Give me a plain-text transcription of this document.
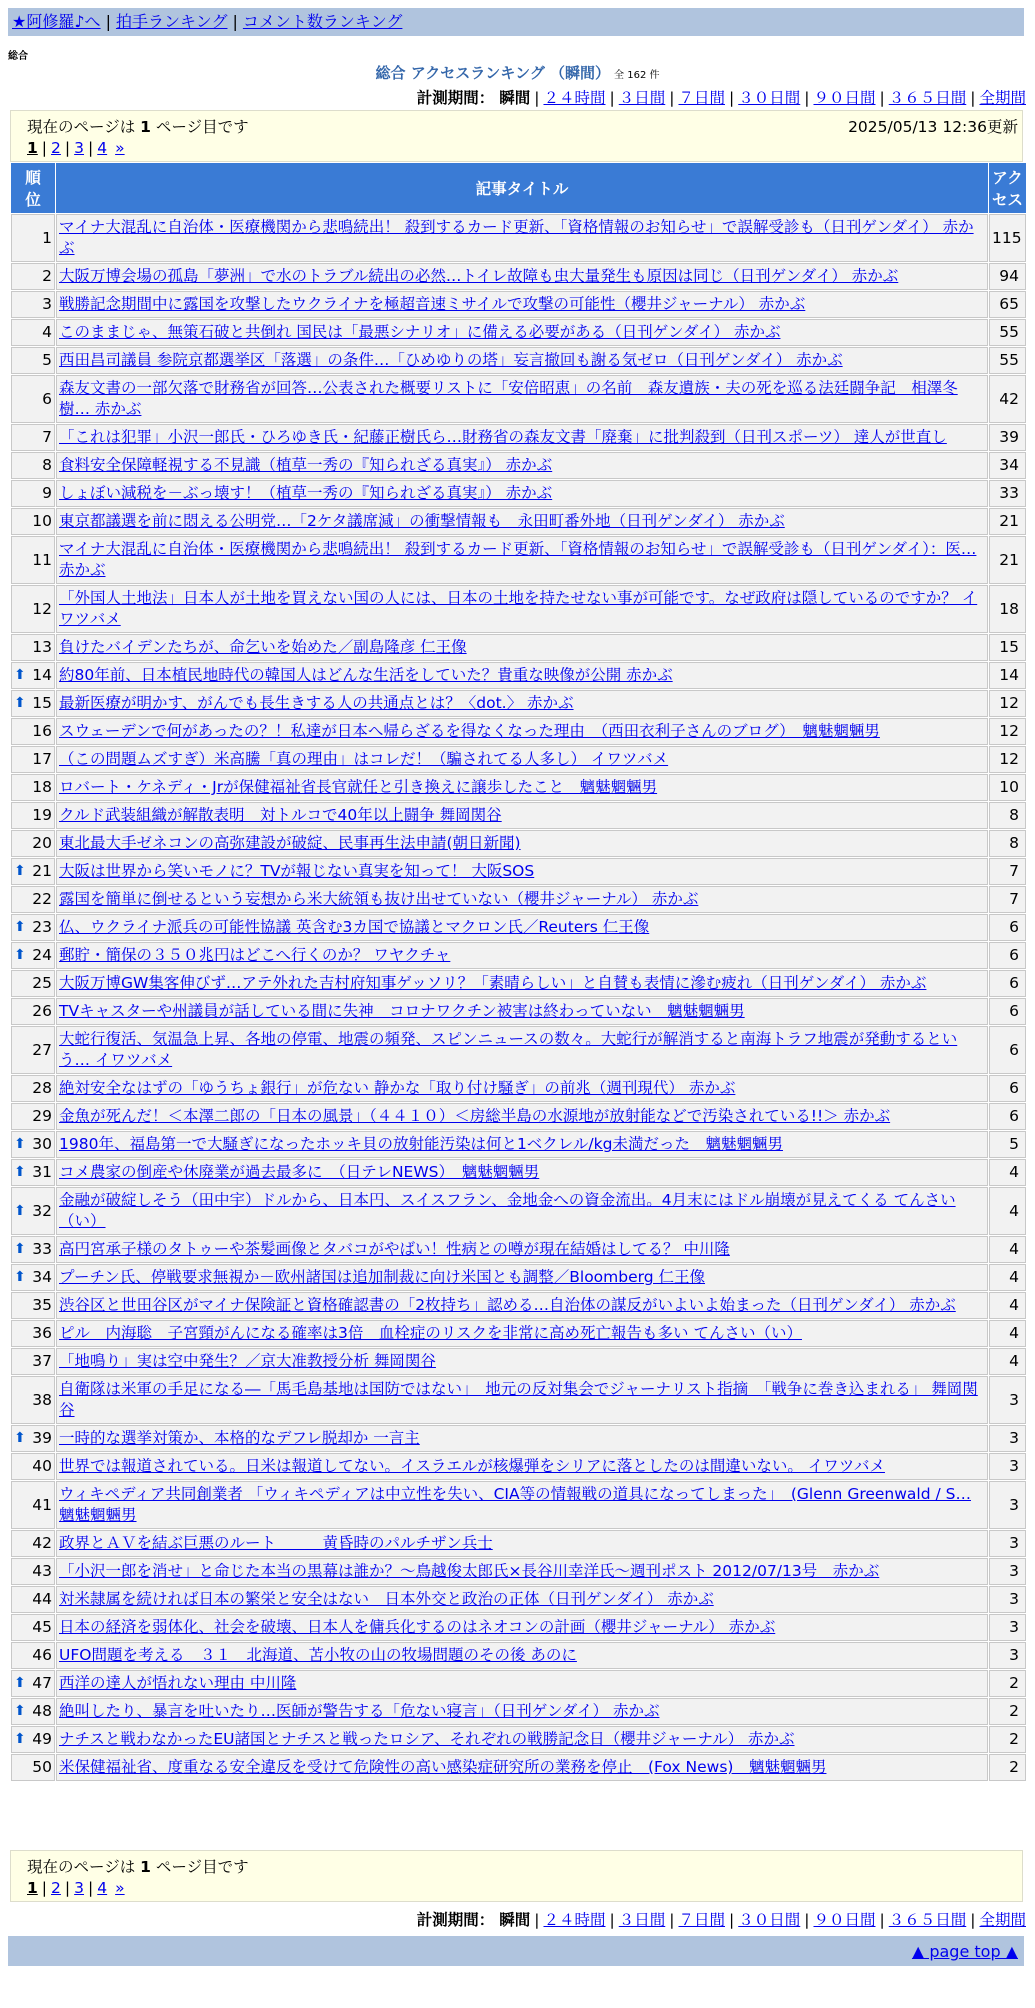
★阿修羅♪へ | 拍手ランキング | コメント数ランキング
総合
総合 アクセスランキング （瞬間） 全 162 件
計測期間： 瞬間 | ２４時間 | ３日間 | ７日間 | ３０日間 | ９０日間 | ３６５日間 | 全期間
現在のページは 1 ページ目です	2025/05/13 12:36更新
1 | 2 | 3 | 4 »
順
位	記事タイトル	アク
セス
1	マイナ大混乱に自治体・医療機関から悲鳴続出！ 殺到するカード更新、「資格情報のお知らせ」で誤解受診も（日刊ゲンダイ） 赤かぶ	115
2	大阪万博会場の孤島「夢洲」で水のトラブル続出の必然…トイレ故障も虫大量発生も原因は同じ（日刊ゲンダイ） 赤かぶ	94
3	戦勝記念期間中に露国を攻撃したウクライナを極超音速ミサイルで攻撃の可能性（櫻井ジャーナル） 赤かぶ	65
4	このままじゃ、無策石破と共倒れ 国民は「最悪シナリオ」に備える必要がある（日刊ゲンダイ） 赤かぶ	55
5	西田昌司議員 参院京都選挙区「落選」の条件…「ひめゆりの塔」妄言撤回も謝る気ゼロ（日刊ゲンダイ） 赤かぶ	55
6	森友文書の一部欠落で財務省が回答…公表された概要リストに「安倍昭恵」の名前　森友遺族・夫の死を巡る法廷闘争記　相澤冬樹… 赤かぶ	42
7	「これは犯罪」小沢一郎氏・ひろゆき氏・紀藤正樹氏ら…財務省の森友文書「廃棄」に批判殺到（日刊スポーツ） 達人が世直し	39
8	食料安全保障軽視する不見識（植草一秀の『知られざる真実』） 赤かぶ	34
9	しょぼい減税を－ぶっ壊す！（植草一秀の『知られざる真実』） 赤かぶ	33
10	東京都議選を前に悶える公明党…「2ケタ議席減」の衝撃情報も　永田町番外地（日刊ゲンダイ） 赤かぶ	21
11	マイナ大混乱に自治体・医療機関から悲鳴続出！ 殺到するカード更新、「資格情報のお知らせ」で誤解受診も（日刊ゲンダイ）：医… 赤かぶ	21
12	「外国人土地法」日本人が土地を買えない国の人には、日本の土地を持たせない事が可能です。なぜ政府は隠しているのですか？ イワツバメ	18
13	負けたバイデンたちが、命乞いを始めた／副島隆彦 仁王像	15

⬆ 14	約80年前、日本植民地時代の韓国人はどんな生活をしていた？貴重な映像が公開 赤かぶ	14

⬆ 15	最新医療が明かす、がんでも長生きする人の共通点とは？〈dot.〉 赤かぶ	12
16	スウェーデンで何があったの？！私達が日本へ帰らざるを得なくなった理由　（西田衣利子さんのブログ）　魑魅魍魎男	12
17	（この問題ムズすぎ）米高騰「真の理由」はコレだ！（騙されてる人多し） イワツバメ	12
18	ロバート・ケネディ・Jrが保健福祉省長官就任と引き換えに譲歩したこと　魑魅魍魎男	10
19	クルド武装組織が解散表明　対トルコで40年以上闘争 舞岡関谷	8
20	東北最大手ゼネコンの高弥建設が破綻、民事再生法申請(朝日新聞)	8

⬆ 21	大阪は世界から笑いモノに？TVが報じない真実を知って！ 大阪SOS	7
22	露国を簡単に倒せるという妄想から米大統領も抜け出せていない（櫻井ジャーナル） 赤かぶ	7

⬆ 23	仏、ウクライナ派兵の可能性協議 英含む3カ国で協議とマクロン氏／Reuters 仁王像	6

⬆ 24	郵貯・簡保の３５０兆円はどこへ行くのか？ ワヤクチャ	6
25	大阪万博GW集客伸びず…アテ外れた吉村府知事ゲッソリ？「素晴らしい」と自賛も表情に滲む疲れ（日刊ゲンダイ） 赤かぶ	6
26	TVキャスターや州議員が話している間に失神　コロナワクチン被害は終わっていない　魑魅魍魎男	6
27	大蛇行復活、気温急上昇、各地の停電、地震の頻発、スピンニュースの数々。大蛇行が解消すると南海トラフ地震が発動するという… イワツバメ	6
28	絶対安全なはずの「ゆうちょ銀行」が危ない 静かな「取り付け騒ぎ」の前兆（週刊現代） 赤かぶ	6
29	金魚が死んだ！＜本澤二郎の「日本の風景」（４４１０）＜房総半島の水源地が放射能などで汚染されている!!＞ 赤かぶ	6

⬆ 30	1980年、福島第一で大騒ぎになったホッキ貝の放射能汚染は何と1ベクレル/kg未満だった　魑魅魍魎男	5

⬆ 31	コメ農家の倒産や休廃業が過去最多に　（日テレNEWS）　魑魅魍魎男	4

⬆ 32	金融が破綻しそう（田中宇）ドルから、日本円、スイスフラン、金地金への資金流出。4月末にはドル崩壊が見えてくる てんさい（い）	4

⬆ 33	高円宮承子様のタトゥーや茶髪画像とタバコがやばい！性病との噂が現在結婚はしてる？ 中川隆	4

⬆ 34	プーチン氏、停戦要求無視か－欧州諸国は追加制裁に向け米国とも調整／Bloomberg 仁王像	4
35	渋谷区と世田谷区がマイナ保険証と資格確認書の「2枚持ち」認める…自治体の謀反がいよいよ始まった（日刊ゲンダイ） 赤かぶ	4
36	ピル　内海聡　子宮頸がんになる確率は3倍　血栓症のリスクを非常に高め死亡報告も多い てんさい（い）	4
37	「地鳴り」実は空中発生？／京大准教授分析 舞岡関谷	4
38	自衛隊は米軍の手足になる―「馬毛島基地は国防ではない」　地元の反対集会でジャーナリスト指摘　「戦争に巻き込まれる」 舞岡関谷	3

⬆ 39	一時的な選挙対策か、本格的なデフレ脱却か 一言主	3
40	世界では報道されている。日米は報道してない。イスラエルが核爆弾をシリアに落としたのは間違いない。 イワツバメ	3
41	ウィキペディア共同創業者 「ウィキペディアは中立性を失い、CIA等の情報戦の道具になってしまった」　(Glenn Greenwald / S… 魑魅魍魎男	3
42	政界とＡＶを結ぶ巨悪のルート　　　黄昏時のパルチザン兵士	3
43	「小沢一郎を消せ」と命じた本当の黒幕は誰か？～鳥越俊太郎氏×長谷川幸洋氏～週刊ポスト 2012/07/13号　赤かぶ	3
44	対米隷属を続ければ日本の繁栄と安全はない　日本外交と政治の正体（日刊ゲンダイ） 赤かぶ	3
45	日本の経済を弱体化、社会を破壊、日本人を傭兵化するのはネオコンの計画（櫻井ジャーナル） 赤かぶ	3
46	UFO問題を考える　３１　北海道、苫小牧の山の牧場問題のその後 あのに	3

⬆ 47	西洋の達人が悟れない理由 中川隆	2

⬆ 48	絶叫したり、暴言を吐いたり…医師が警告する「危ない寝言」（日刊ゲンダイ） 赤かぶ	2

⬆ 49	ナチスと戦わなかったEU諸国とナチスと戦ったロシア、それぞれの戦勝記念日（櫻井ジャーナル） 赤かぶ	2
50	米保健福祉省、度重なる安全違反を受けて危険性の高い感染症研究所の業務を停止　(Fox News)　魑魅魍魎男	2
現在のページは 1 ページ目です
1 | 2 | 3 | 4 »
計測期間： 瞬間 | ２４時間 | ３日間 | ７日間 | ３０日間 | ９０日間 | ３６５日間 | 全期間
▲ page top ▲
